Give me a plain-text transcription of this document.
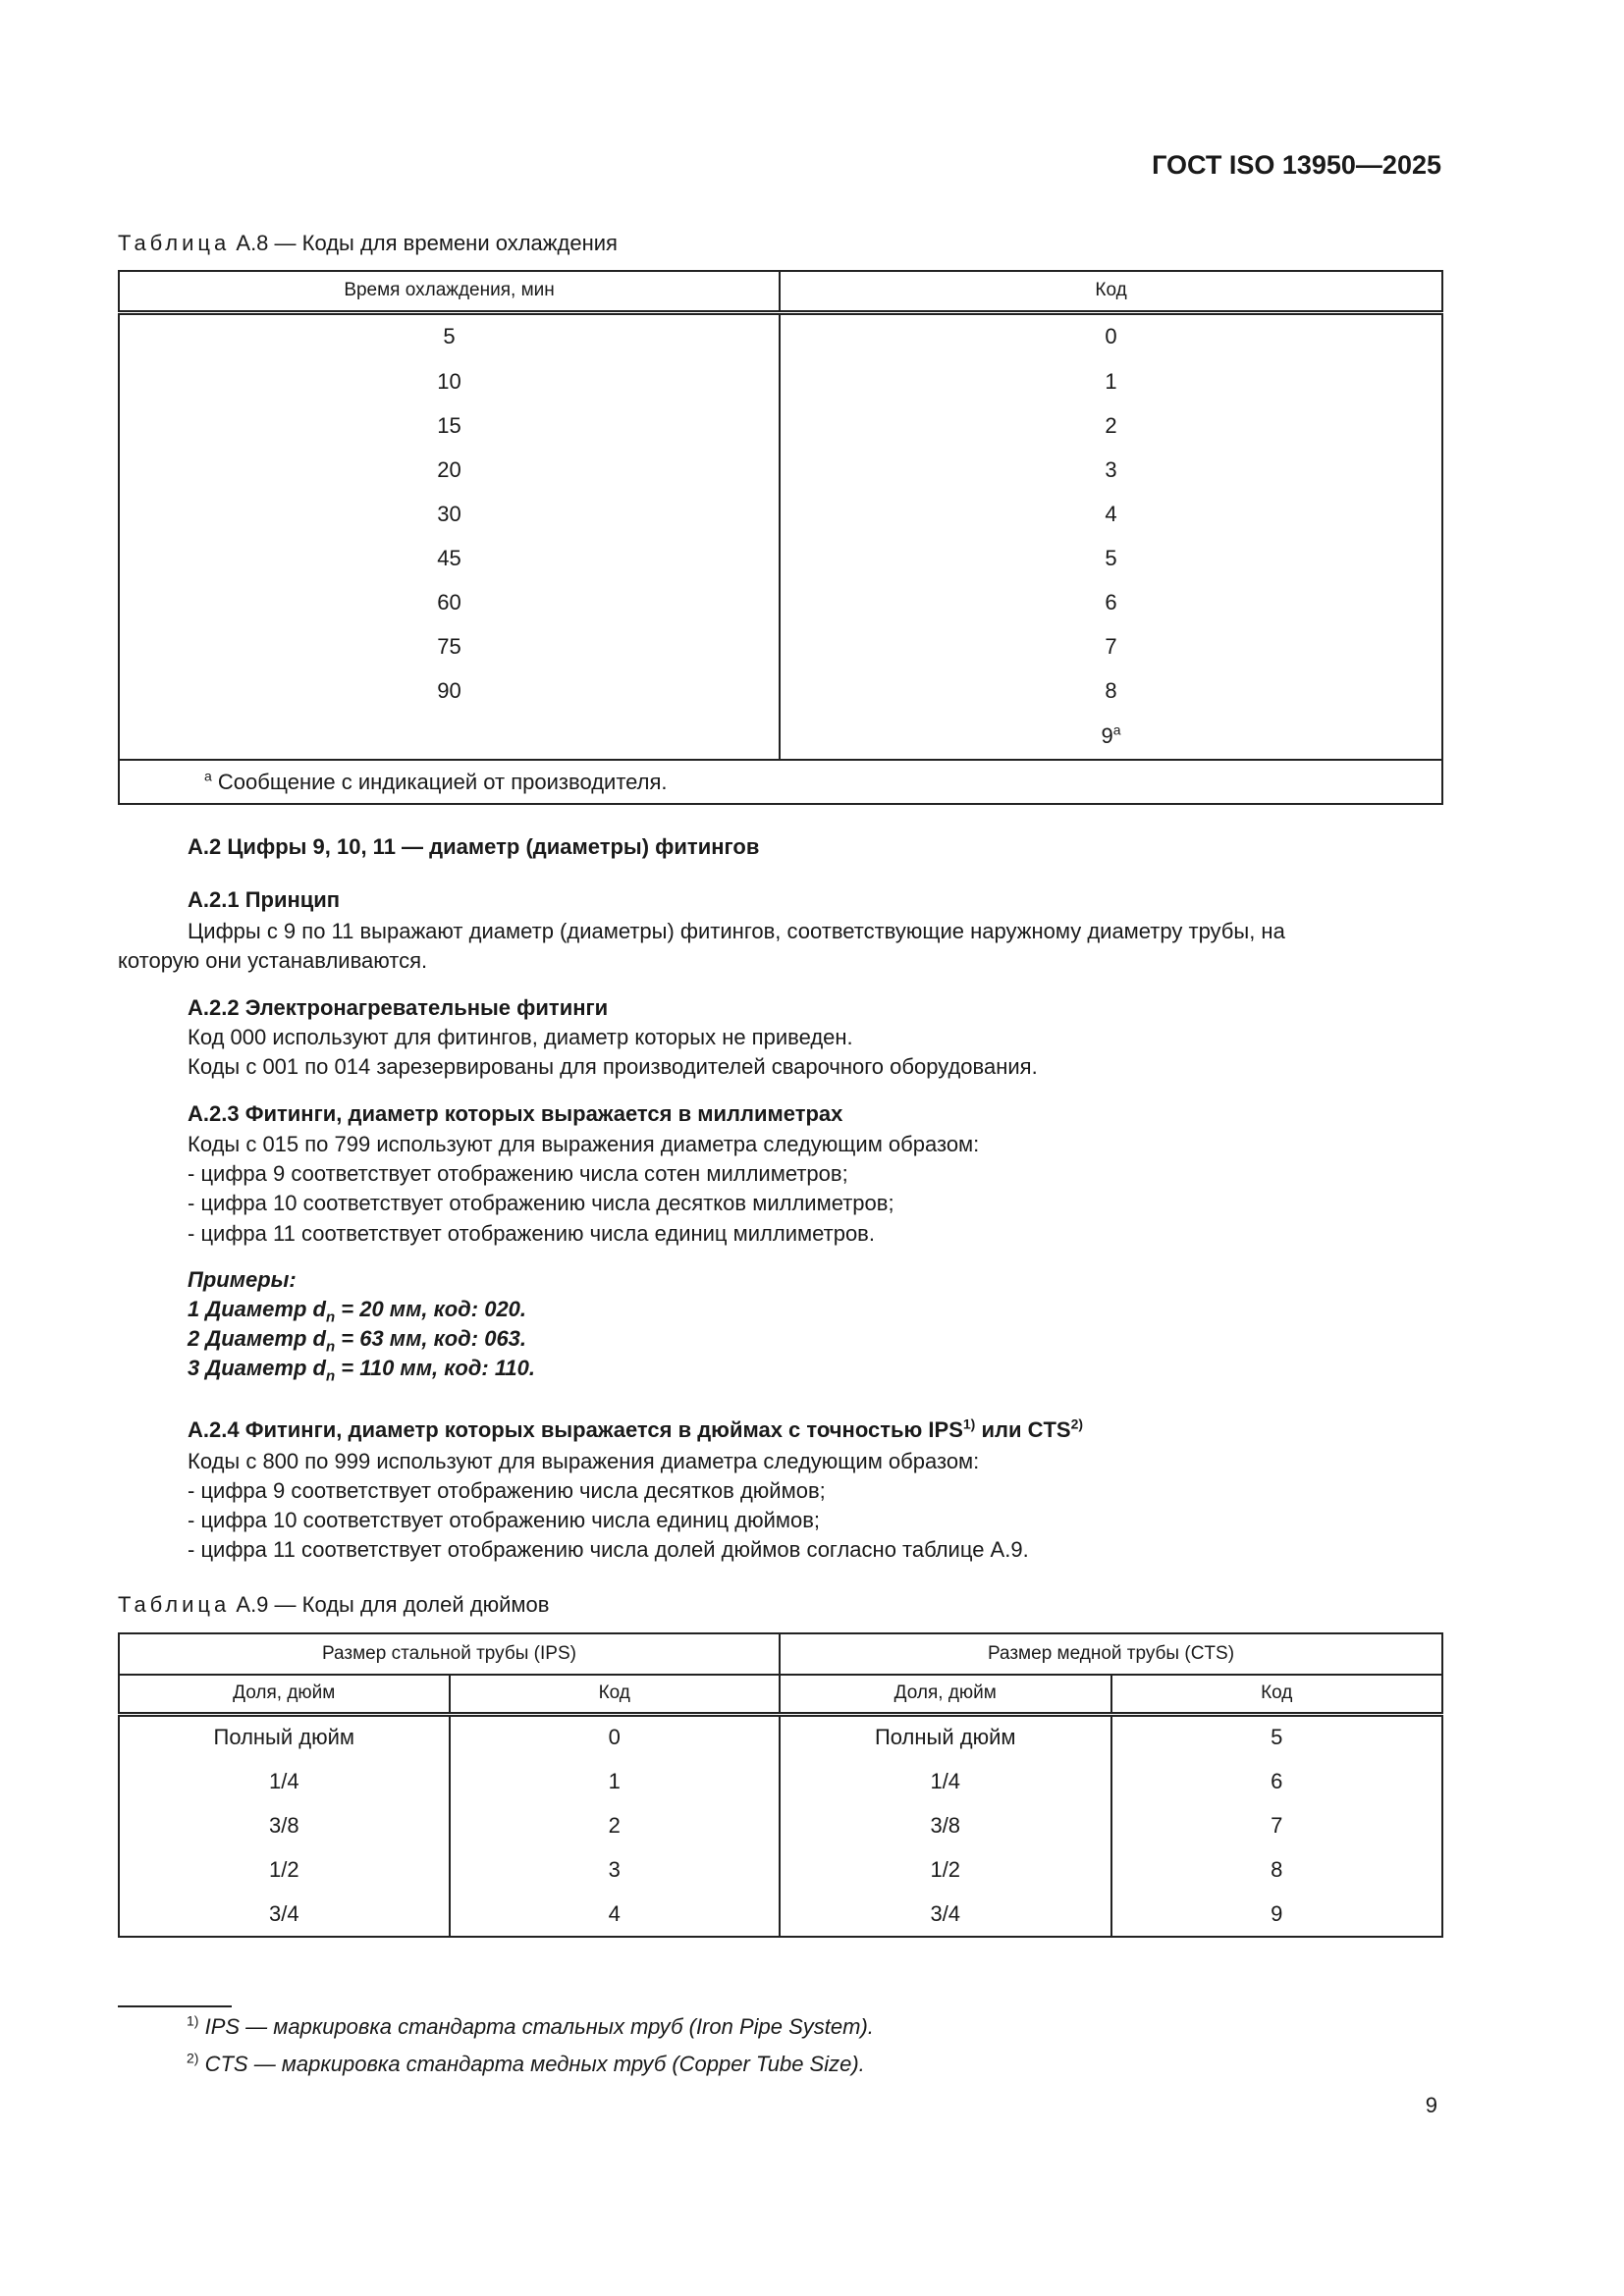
ГОСТ ISO 13950—2025
Таблица А.8 — Коды для времени охлаждения
Время охлаждения, мин	Код
5	0
10	1
15	2
20	3
30	4
45	5
60	6
75	7
90	8
	9$^a$
$^a$ Сообщение с индикацией от производителя.	
А.2 Цифры 9, 10, 11 — диаметр (диаметры) фитингов
А.2.1 Принцип
Цифры с 9 по 11 выражают диаметр (диаметры) фитингов, соответствующие наружному диаметру трубы, на
которую они устанавливаются.
А.2.2 Электронагревательные фитинги
Код 000 используют для фитингов, диаметр которых не приведен.
Коды с 001 по 014 зарезервированы для производителей сварочного оборудования.
А.2.3 Фитинги, диаметр которых выражается в миллиметрах
Коды с 015 по 799 используют для выражения диаметра следующим образом:
- цифра 9 соответствует отображению числа сотен миллиметров;
- цифра 10 соответствует отображению числа десятков миллиметров;
- цифра 11 соответствует отображению числа единиц миллиметров.
Примеры:
1 Диаметр $d_n = 20$ мм, код: 020.
2 Диаметр $d_n = 63$ мм, код: 063.
3 Диаметр $d_n = 110$ мм, код: 110.
А.2.4 Фитинги, диаметр которых выражается в дюймах с точностью IPS$^{1)}$ или CTS$^{2)}$
Коды с 800 по 999 используют для выражения диаметра следующим образом:
- цифра 9 соответствует отображению числа десятков дюймов;
- цифра 10 соответствует отображению числа единиц дюймов;
- цифра 11 соответствует отображению числа долей дюймов согласно таблице А.9.
Таблица А.9 — Коды для долей дюймов
Размер стальной трубы (IPS)		Размер медной трубы (CTS)	
Доля, дюйм	Код	Доля, дюйм	Код
Полный дюйм	0	Полный дюйм	5
1/4	1	1/4	6
3/8	2	3/8	7
1/2	3	1/2	8
3/4	4	3/4	9
$^{1)}$ IPS — маркировка стандарта стальных труб (Iron Pipe System).
$^{2)}$ CTS — маркировка стандарта медных труб (Copper Tube Size).
9
